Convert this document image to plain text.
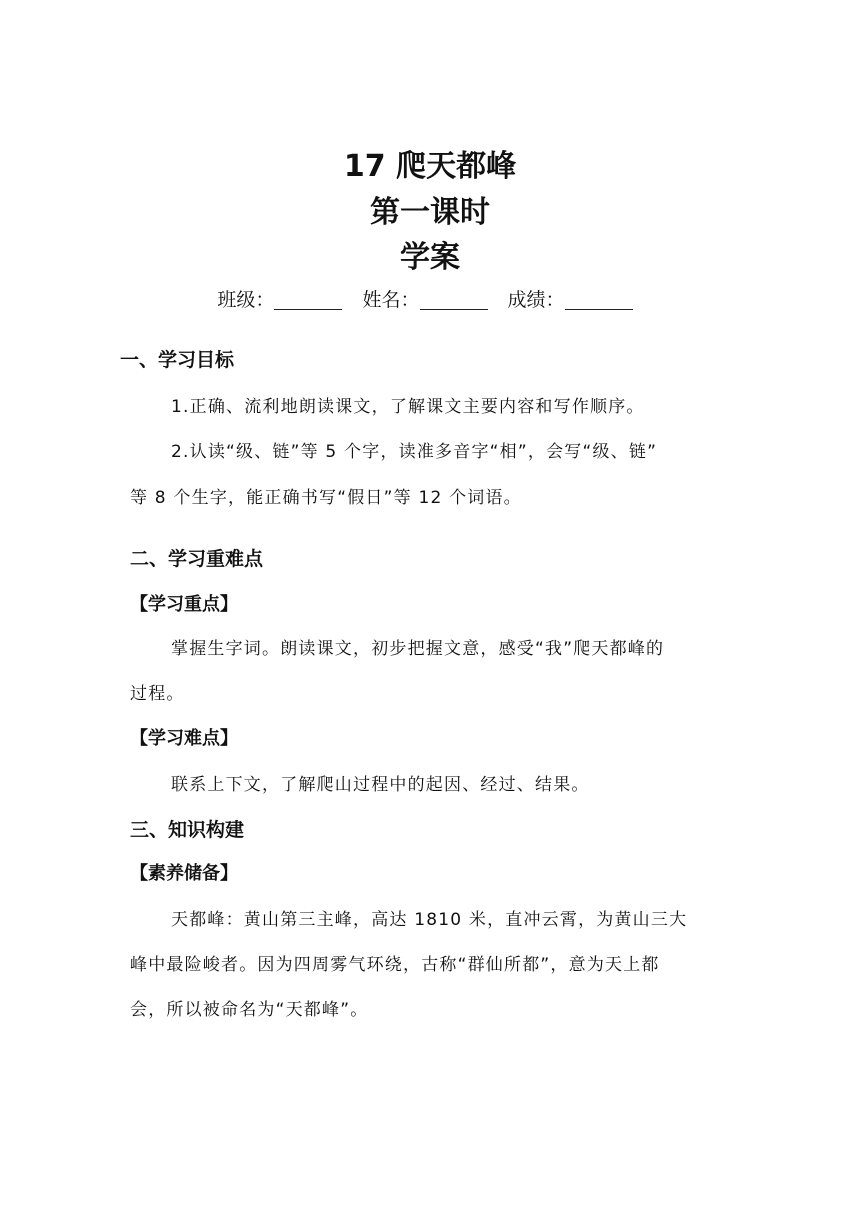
17 爬天都峰
第一课时
学案
班级：	姓名：	成绩：
一、学习目标
1.正确、流利地朗读课文，了解课文主要内容和写作顺序。
2.认读“级、链”等 5 个字，读准多音字“相”，会写“级、链”
等 8 个生字，能正确书写“假日”等 12 个词语。
二、学习重难点
【学习重点】
掌握生字词。朗读课文，初步把握文意，感受“我”爬天都峰的
过程。
【学习难点】
联系上下文，了解爬山过程中的起因、经过、结果。
三、知识构建
【素养储备】
天都峰：黄山第三主峰，高达 1810 米，直冲云霄，为黄山三大
峰中最险峻者。因为四周雾气环绕，古称“群仙所都”，意为天上都
会，所以被命名为“天都峰”。
